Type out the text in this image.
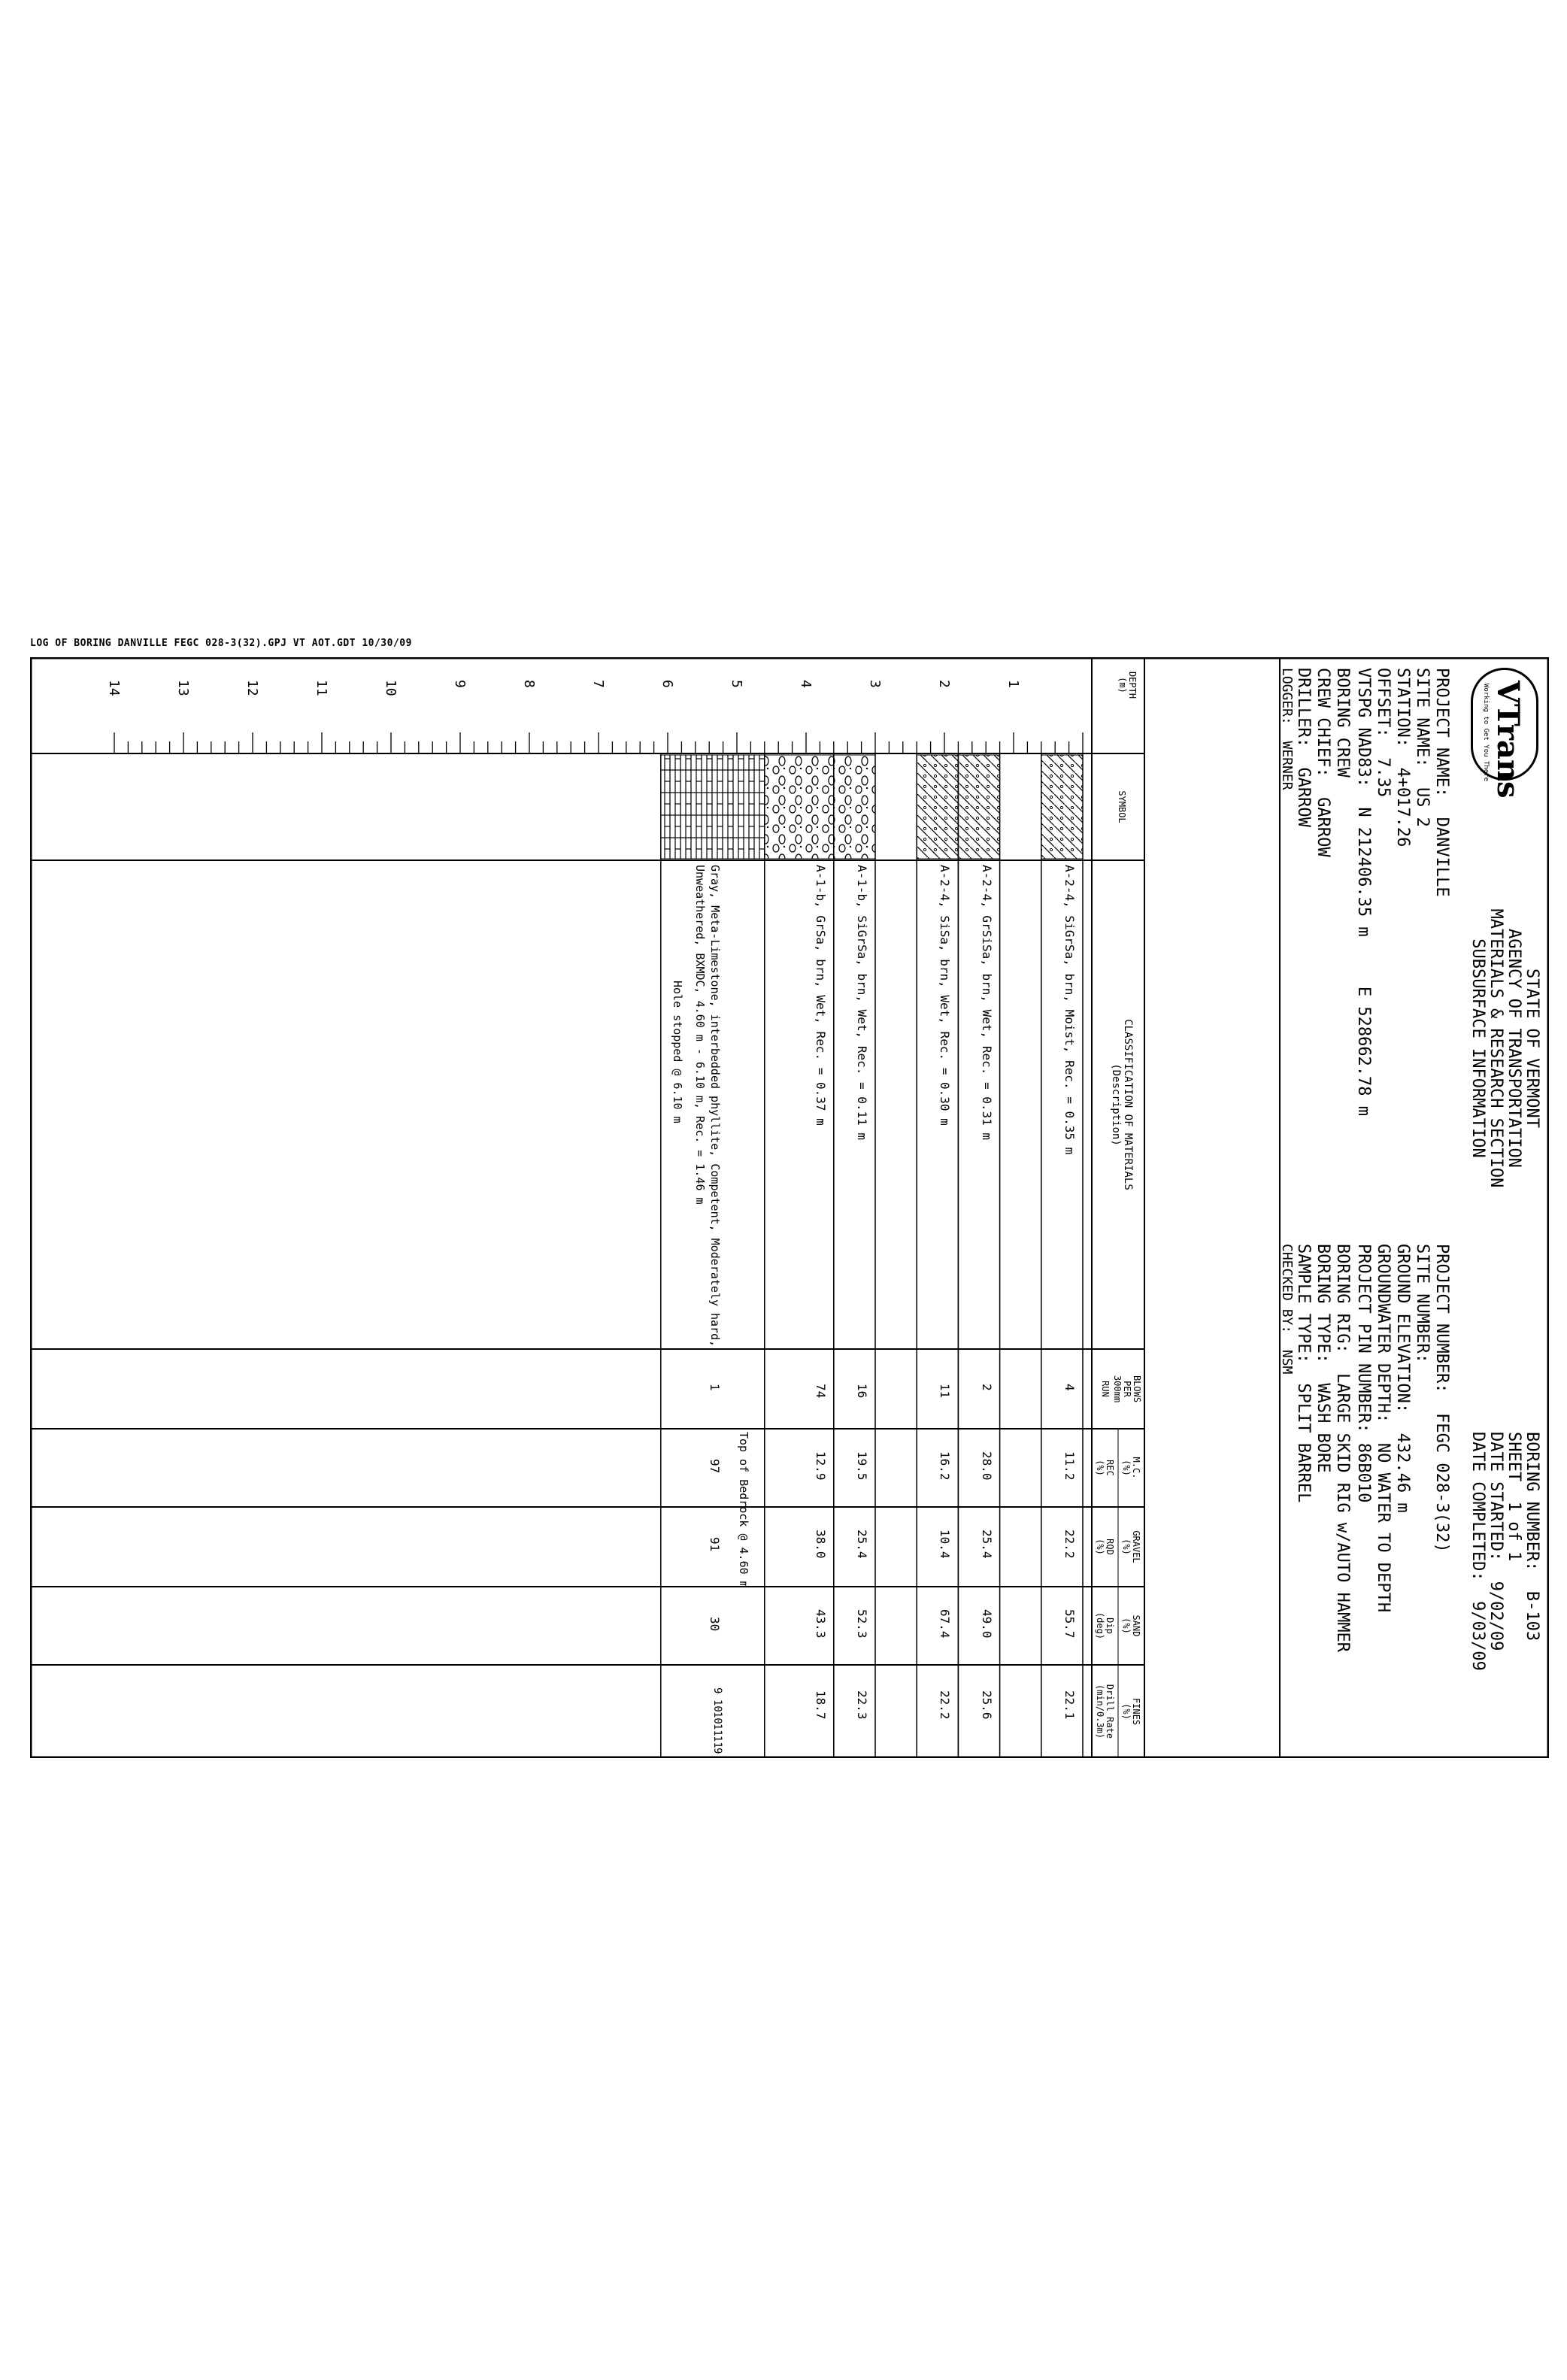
LOG OF BORING DANVILLE FEGC 028-3(32).GPJ VT AOT.GDT 10/30/09
VTrans
Working to Get You There
STATE OF VERMONT
AGENCY OF TRANSPORTATION
MATERIALS & RESEARCH SECTION
SUBSURFACE INFORMATION
BORING NUMBER:  B-103
SHEET  1 of 1
DATE STARTED:  9/02/09
DATE COMPLETED:  9/03/09
PROJECT NAME:  DANVILLE
SITE NAME:  US 2
STATION:  4+017.26
OFFSET:  7.35
VTSPG NAD83:  N 212406.35 m     E 528662.78 m
PROJECT NUMBER:  FEGC 028-3(32)
SITE NUMBER:
GROUND ELEVATION:  432.46 m
GROUNDWATER DEPTH:  NO WATER TO DEPTH
PROJECT PIN NUMBER: 86B010
BORING CREW
CREW CHIEF:  GARROW
DRILLER:  GARROW
LOGGER:  WERNER
BORING RIG:  LARGE SKID RIG w/AUTO HAMMER
BORING TYPE:  WASH BORE
SAMPLE TYPE:  SPLIT BARREL
CHECKED BY:  NSM
DEPTH
(m)
SYMBOL
CLASSIFICATION OF MATERIALS
(Description)
BLOWS
PER
300mm
RUN
M.C.
(%)
REC
(%)
GRAVEL
(%)
RQD
(%)
SAND
(%)
Dip
(deg)
FINES
(%)
Drill Rate
(min/0.3m)
1
2
3
4
5
6
7
8
9
10
11
12
13
14
A-2-4, SiGrSa, brn, Moist, Rec. = 0.35 m
4
11.2
22.2
55.7
22.1
A-2-4, GrSiSa, brn, Wet, Rec. = 0.31 m
2
28.0
25.4
49.0
25.6
A-2-4, SiSa, brn, Wet, Rec. = 0.30 m
11
16.2
10.4
67.4
22.2
A-1-b, SiGrSa, brn, Wet, Rec. = 0.11 m
16
19.5
25.4
52.3
22.3
A-1-b, GrSa, brn, Wet, Rec. = 0.37 m
74
12.9
38.0
43.3
18.7
Top of Bedrock @ 4.60 m
Gray, Meta-Limestone, interbedded phyllite, Competent, Moderately hard,
Unweathered, BXMDC, 4.60 m - 6.10 m, Rec. = 1.46 m
1
97
91
30
9
10
10
11
11
9
Hole stopped @ 6.10 m
